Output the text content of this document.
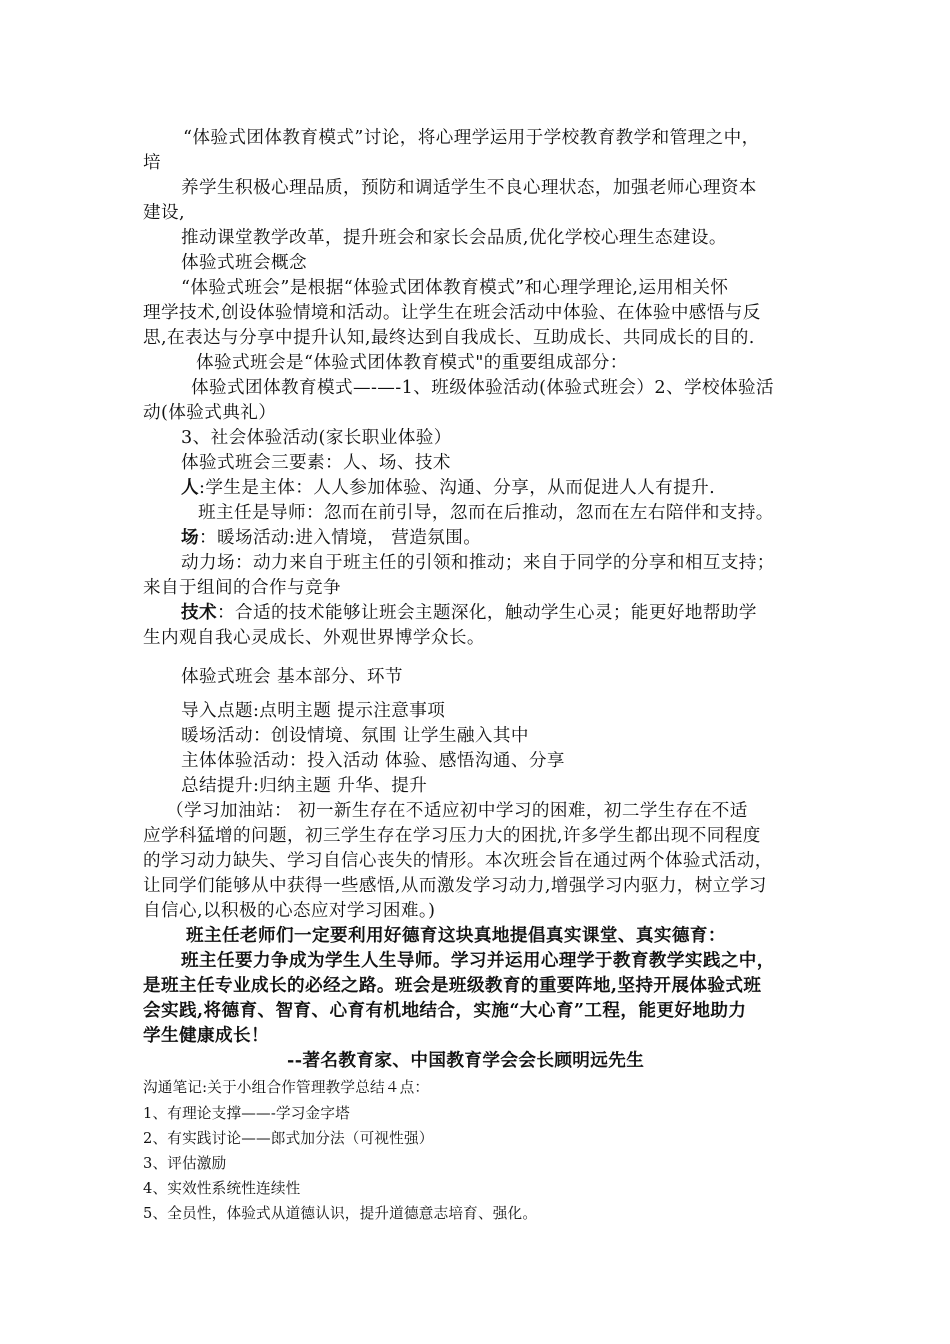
“体验式团体教育模式”讨论，将心理学运用于学校教育教学和管理之中，
培
养学生积极心理品质，预防和调适学生不良心理状态，加强老师心理资本
建设,
推动课堂教学改革，提升班会和家长会品质,优化学校心理生态建设。
体验式班会概念
“体验式班会”是根据“体验式团体教育模式”和心理学理论,运用相关怀
理学技术,创设体验情境和活动。让学生在班会活动中体验、在体验中感悟与反
思,在表达与分享中提升认知,最终达到自我成长、互助成长、共同成长的目的.
体验式班会是“体验式团体教育模式"的重要组成部分：
体验式团体教育模式—-—-1、班级体验活动(体验式班会）2、学校体验活
动(体验式典礼）
3、社会体验活动(家长职业体验）
体验式班会三要素：人、场、技术
人:学生是主体：人人参加体验、沟通、分享，从而促进人人有提升.
班主任是导师：忽而在前引导，忽而在后推动，忽而在左右陪伴和支持。
场：暖场活动:进入情境， 营造氛围。
动力场：动力来自于班主任的引领和推动；来自于同学的分享和相互支持；
来自于组间的合作与竞争
技术：合适的技术能够让班会主题深化，触动学生心灵；能更好地帮助学
生内观自我心灵成长、外观世界博学众长。
体验式班会 基本部分、环节
导入点题:点明主题 提示注意事项
暖场活动：创设情境、氛围 让学生融入其中
主体体验活动：投入活动 体验、感悟沟通、分享
总结提升:归纳主题 升华、提升
（学习加油站： 初一新生存在不适应初中学习的困难，初二学生存在不适
应学科猛增的问题，初三学生存在学习压力大的困扰,许多学生都出现不同程度
的学习动力缺失、学习自信心丧失的情形。本次班会旨在通过两个体验式活动，
让同学们能够从中获得一些感悟,从而激发学习动力,增强学习内驱力，树立学习
自信心,以积极的心态应对学习困难。)
班主任老师们一定要利用好德育这块真地提倡真实课堂、真实德育：
班主任要力争成为学生人生导师。学习并运用心理学于教育教学实践之中，
是班主任专业成长的必经之路。班会是班级教育的重要阵地,坚持开展体验式班
会实践,将德育、智育、心育有机地结合，实施“大心育”工程，能更好地助力
学生健康成长！
--著名教育家、中国教育学会会长顾明远先生
沟通笔记:关于小组合作管理教学总结４点：
1、有理论支撑——-学习金字塔
2、有实践讨论——郎式加分法（可视性强）
3、评估激励
4、实效性系统性连续性
5、全员性，体验式从道德认识，提升道德意志培育、强化。
